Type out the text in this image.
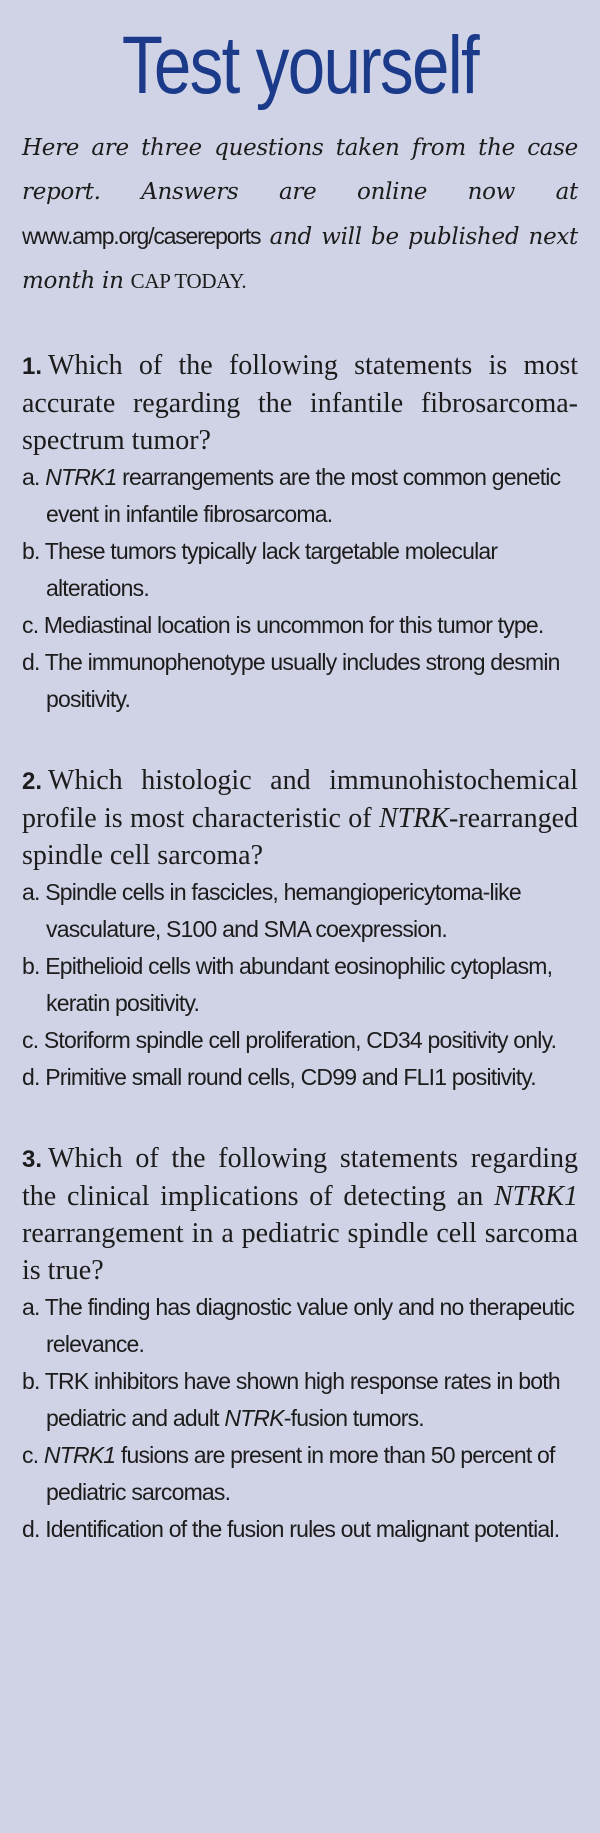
Test yourself

Here are three questions taken from the case report. Answers are online now at www.amp.org/casereports and will be published next month in CAP TODAY.

1. Which of the following statements is most accurate regarding the infantile fibrosarcoma-spectrum tumor?
a. NTRK1 rearrangements are the most common genetic event in infantile fibrosarcoma.
b. These tumors typically lack targetable molecular alterations.
c. Mediastinal location is uncommon for this tumor type.
d. The immunophenotype usually includes strong desmin positivity.
2. Which histologic and immunohistochemical profile is most characteristic of NTRK-rearranged spindle cell sarcoma?
a. Spindle cells in fascicles, hemangiopericytoma-like vasculature, S100 and SMA coexpression.
b. Epithelioid cells with abundant eosinophilic cytoplasm, keratin positivity.
c. Storiform spindle cell proliferation, CD34 positivity only.
d. Primitive small round cells, CD99 and FLI1 positivity.
3. Which of the following statements regarding the clinical implications of detecting an NTRK1 rearrangement in a pediatric spindle cell sarcoma is true?
a. The finding has diagnostic value only and no therapeutic relevance.
b. TRK inhibitors have shown high response rates in both pediatric and adult NTRK-fusion tumors.
c. NTRK1 fusions are present in more than 50 percent of pediatric sarcomas.
d. Identification of the fusion rules out malignant potential.
